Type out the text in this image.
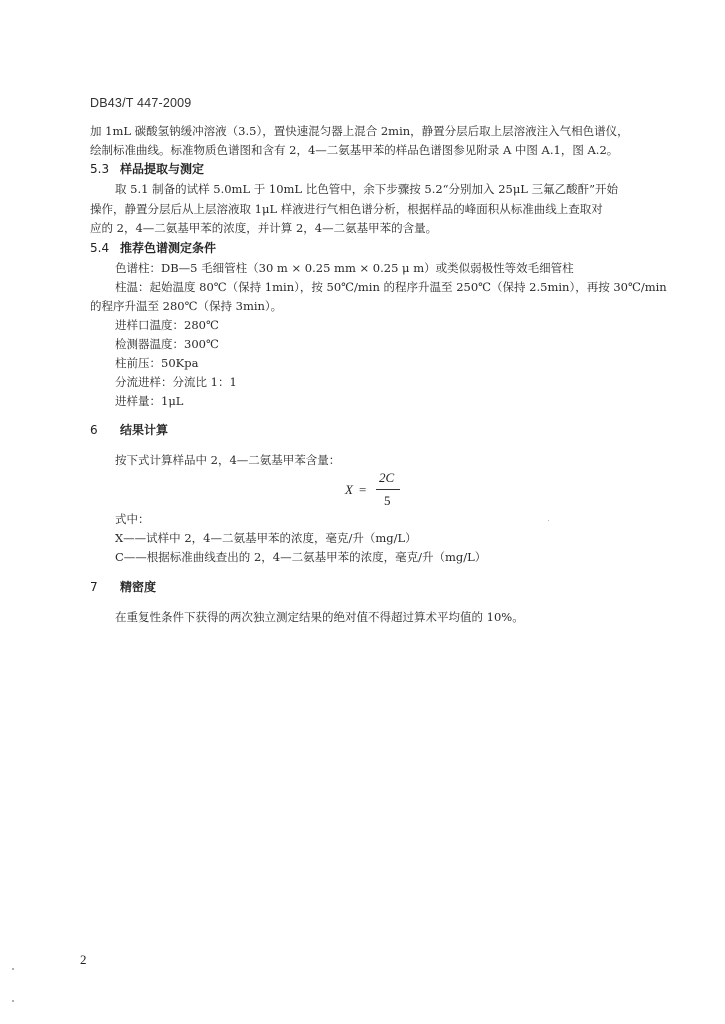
DB43/T 447-2009
加 1mL 碳酸氢钠缓冲溶液（3.5），置快速混匀器上混合 2min，静置分层后取上层溶液注入气相色谱仪，
绘制标准曲线。标准物质色谱图和含有 2，4—二氨基甲苯的样品色谱图参见附录 A 中图 A.1，图 A.2。
5.3 样品提取与测定
取 5.1 制备的试样 5.0mL 于 10mL 比色管中，余下步骤按 5.2“分别加入 25μL 三氟乙酸酐”开始
操作，静置分层后从上层溶液取 1μL 样液进行气相色谱分析，根据样品的峰面积从标准曲线上查取对
应的 2，4—二氨基甲苯的浓度，并计算 2，4—二氨基甲苯的含量。
5.4 推荐色谱测定条件
色谱柱：DB—5 毛细管柱（30 m × 0.25 mm × 0.25 μ m）或类似弱极性等效毛细管柱
柱温：起始温度 80℃（保持 1min），按 50℃/min 的程序升温至 250℃（保持 2.5min），再按 30℃/min
的程序升温至 280℃（保持 3min）。
进样口温度：280℃
检测器温度：300℃
柱前压：50Kpa
分流进样：分流比 1：1
进样量：1μL
6 结果计算
按下式计算样品中 2，4—二氨基甲苯含量：
X =
2C
5
式中：
X——试样中 2，4—二氨基甲苯的浓度，毫克/升（mg/L）
C——根据标准曲线查出的 2，4—二氨基甲苯的浓度，毫克/升（mg/L）
7 精密度
在重复性条件下获得的两次独立测定结果的绝对值不得超过算术平均值的 10%。
2
